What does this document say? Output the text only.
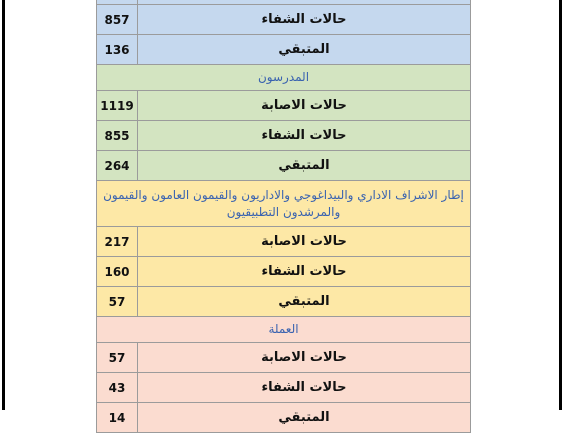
857	حالات الشفاء
136	المتبقي
المدرسون
1119	حالات الاصابة
855	حالات الشفاء
264	المتبقي
إطار الاشراف الاداري والبيداغوجي والاداريون والقيمون العامون والقيمون
والمرشدون التطبيقيون
217	حالات الاصابة
160	حالات الشفاء
57	المتبقي
العملة
57	حالات الاصابة
43	حالات الشفاء
14	المتبقي
